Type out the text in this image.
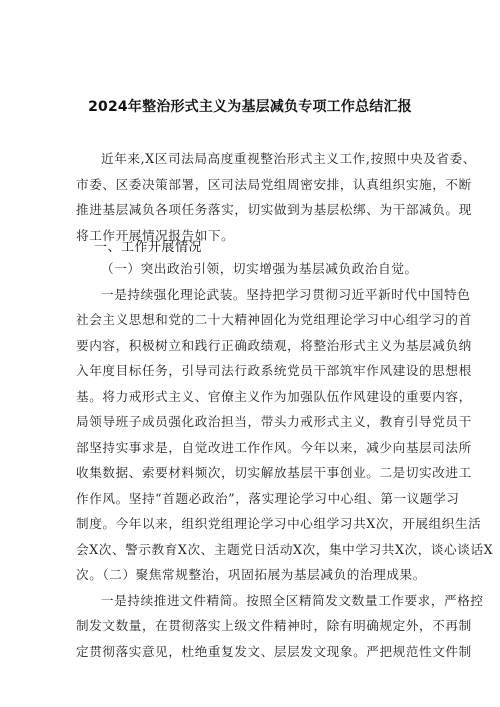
2024年整治形式主义为基层减负专项工作总结汇报
近年来,X区司法局高度重视整治形式主义工作,按照中央及省委、
市委、区委决策部署，区司法局党组周密安排，认真组织实施，不断
推进基层减负各项任务落实，切实做到为基层松绑、为干部减负。现
将工作开展情况报告如下。
一、工作开展情况
（一）突出政治引领，切实增强为基层减负政治自觉。
一是持续强化理论武装。坚持把学习贯彻习近平新时代中国特色
社会主义思想和党的二十大精神固化为党组理论学习中心组学习的首
要内容，积极树立和践行正确政绩观，将整治形式主义为基层减负纳
入年度目标任务，引导司法行政系统党员干部筑牢作风建设的思想根
基。将力戒形式主义、官僚主义作为加强队伍作风建设的重要内容，
局领导班子成员强化政治担当，带头力戒形式主义，教育引导党员干
部坚持实事求是，自觉改进工作作风。今年以来，减少向基层司法所
收集数据、索要材料频次，切实解放基层干事创业。二是切实改进工
作作风。坚持“首题必政治”，落实理论学习中心组、第一议题学习
制度。今年以来，组织党组理论学习中心组学习共X次，开展组织生活
会X次、警示教育X次、主题党日活动X次，集中学习共X次，谈心谈话X
次。（二）聚焦常规整治，巩固拓展为基层减负的治理成果。
一是持续推进文件精简。按照全区精简发文数量工作要求，严格控
制发文数量，在贯彻落实上级文件精神时，除有明确规定外，不再制
定贯彻落实意见，杜绝重复发文、层层发文现象。严把规范性文件制
